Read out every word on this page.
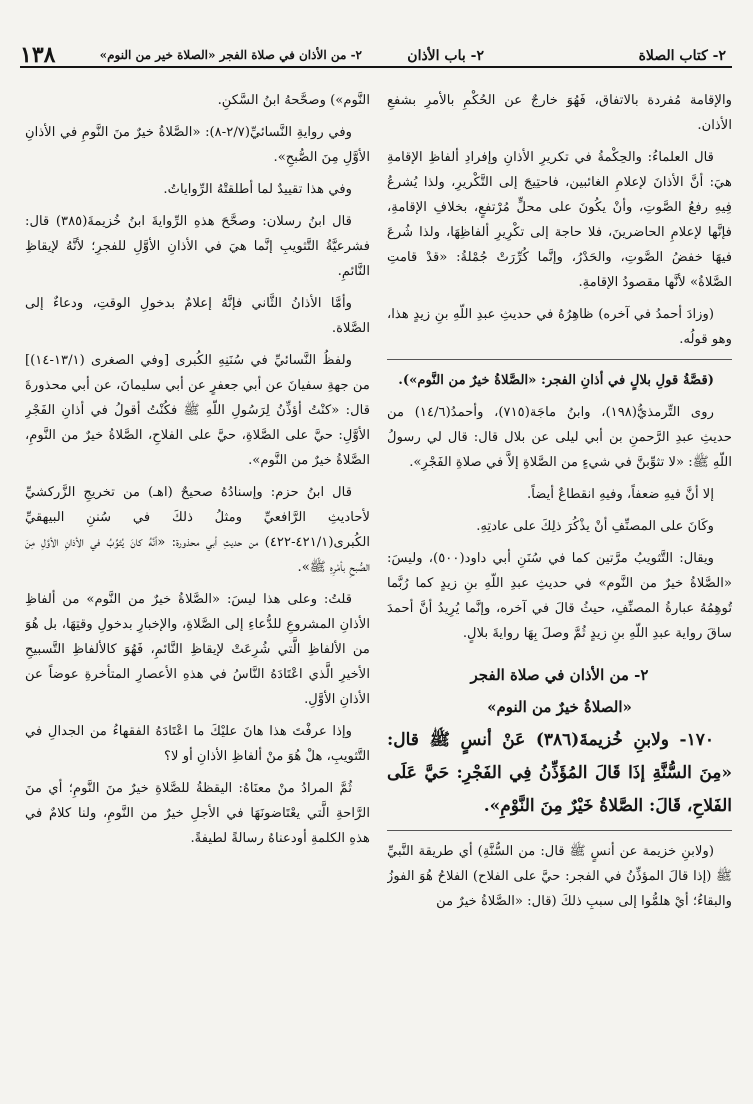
٢- كتاب الصلاة
٢- باب الأذان
٢- من الأذان في صلاة الفجر «الصلاة خير من النوم»
١٣٨

والإقامة مُفردة بالاتفاق، فَهُوَ خارجٌ عن الحُكْمِ بالأمرِ بشفعِ الأذان.

قال العلماءُ: والحِكْمةُ في تكريرِ الأذانِ وإفرادِ ألفاظِ الإقامةِ هيَ: أنَّ الأذانَ لإعلامِ الغائبين، فاحتِيجَ إلى التَّكْريرِ، ولذا يُشرعُ فِيهِ رفعُ الصَّوتِ، وأنْ يكُونَ على محلٍّ مُرْتفعٍ، بخلافِ الإقامةِ، فإنَّها لإعلامِ الحاضرينَ، فلا حاجة إلى تكْرِيرِ ألفاظِهَا، ولذا شُرعَ فيهَا خفضُ الصَّوتِ، والحَدْرُ، وإنَّما كُرِّرَتْ جُمْلةُ: «قدْ قامتِ الصَّلاةُ» لأنَّها مقصودُ الإقامةِ.

(وزادَ أحمدُ في آخره) ظاهِرُهُ في حديثِ عبدِ اللّهِ بنِ زيدٍ هذا، وهو قولُه.

(قصَّةُ قولِ بلالٍ في أذانِ الفجر: «الصَّلاةُ خيرٌ من النَّوم»).

روى التِّرمذيُّ(١٩٨)، وابنُ ماجَة(٧١٥)، وأحمدُ(١٤/٦) من حديثِ عبدِ الرَّحمنِ بن أبي ليلى عن بلال قال: قال لي رسولُ اللّهِ ﷺ: «لا تثوِّبنَّ في شيءٍ من الصَّلاةِ إلاَّ في صلاةِ الفَجْرِ».

إلا أنَّ فيهِ ضعفاً، وفيهِ انقطاعٌ أيضاً.

وكَانَ على المصنِّفِ أنْ يذْكُرَ ذلِكَ على عادتِهِ.

ويقال: التَّثويبُ مرَّتين كما في سُنَنِ أبي داود(٥٠٠)، وليسَ: «الصَّلاةُ خيرٌ من النَّوم» في حديثِ عبدِ اللّهِ بنِ زيدٍ كما رُبَّما تُوهِمُهُ عبارةُ المصنِّفِ، حيثُ قالَ في آخره، وإنَّما يُرِيدُ أنَّ أحمدَ ساقَ رواية عبدِ اللّهِ بنِ زيدٍ ثُمَّ وصلَ بِهَا روايةَ بلالٍ.

٢- من الأذان في صلاة الفجر
«الصلاةُ خيرٌ من النوم»

١٧٠- ولابنِ خُزيمةَ(٣٨٦) عَنْ أنسٍ ﷺ قال: «مِنَ السُّنَّةِ إذَا قَالَ المُؤَذِّنُ فِي الفَجْرِ: حَيَّ عَلَى الفَلاحِ، قَالَ: الصَّلاةُ خَيْرٌ مِنَ النَّوْمِ».

(ولابنِ خزيمة عن أنسٍ ﷺ قال: من السُّنَّةِ) أي طريقة النَّبيِّ ﷺ (إذا قالَ المؤذِّنُ في الفجر: حيَّ على الفلاح) الفلاحُ هُوَ الفوزُ والبقاءُ؛ أيْ هلمُّوا إلى سببِ ذلكَ (قال: «الصَّلاةُ خيرٌ من

النَّوم») وصحَّحهُ ابنُ السَّكنِ.

وفي روايةِ النَّسائيِّ(٢/٧-٨): «الصَّلاةُ خيرٌ منَ النَّومِ في الأذانِ الأوَّلِ مِنَ الصُّبحِ».

وفي هذا تقييدٌ لما أطلقتْهُ الرِّواياتُ.

قال ابنُ رسلان: وصحَّحَ هذهِ الرِّوايةَ ابنُ خُزيمةَ(٣٨٥) قال: فشرعيَّةُ التَّثويبِ إنَّما هيَ في الأذانِ الأوَّلِ للفجرِ؛ لأنَّهُ لإيقاظِ النَّائمِ.

وأمَّا الأذانُ الثَّاني فإنَّهُ إعلامٌ بدخولِ الوقتِ، ودعاءٌ إلى الصَّلاة.

ولفظُ النَّسائيِّ في سُنَنِهِ الكُبرى [وفي الصغرى (١٣/١-١٤)] من جهةِ سفيانَ عن أبي جعفرٍ عن أبي سليمانَ، عن أبي محذورةَ قال: «كنْتُ أؤذِّنُ لِرَسُولِ اللّهِ ﷺ فكُنْتُ أقولُ في أذانِ الفَجْرِ الأوَّلِ: حيَّ على الصَّلاةِ، حيَّ على الفلاحِ، الصَّلاةُ خيرٌ من النَّومِ، الصَّلاةُ خيرٌ من النَّوم».

قال ابنُ حزم: وإسنادُهُ صحيحٌ (اهـ) من تخريجِ الزَّركشيِّ لأحاديثِ الرَّافعيِّ ومثلُ ذلكَ في سُننِ البيهقيِّ الكُبرى(٤٢١/١-٤٢٢) من حديثِ أبي محذورة: «أنَّهُ كانَ يُثوِّبُ في الأذانِ الأوَّلِ مِنَ الصُّبحِ بأمْرِهِ ﷺ».

قلتُ: وعلى هذا ليسَ: «الصَّلاةُ خيرٌ من النَّوم» من ألفاظِ الأذانِ المشروعِ للدُّعاءِ إلى الصَّلاةِ، والإخبارِ بدخولِ وقتِهَا، بل هُوَ من الألفاظِ الَّتي شُرِعَتْ لإيقاظِ النَّائمِ، فَهُوَ كالألفاظِ التَّسبيحِ الأخيرِ الَّذي اعْتَادَهُ النَّاسُ في هذهِ الأعصارِ المتأخرةِ عوضاً عن الأذانِ الأوَّلِ.

وإذا عرفْتَ هذا هانَ عليْكَ ما اعْتَادَهُ الفقهاءُ من الجدالِ في التَّثويبِ، هلْ هُوَ منْ ألفاظِ الأذانِ أو لا؟

ثُمَّ المرادُ منْ معنَاهُ: اليقظةُ للصَّلاةِ خيرٌ منَ النَّومِ؛ أي منَ الرَّاحةِ الَّتي يعْتَاضونَهَا في الأجلِ خيرٌ من النَّومِ، ولنا كلامٌ في هذهِ الكلمةِ أودعناهُ رسالةً لطيفةً.
